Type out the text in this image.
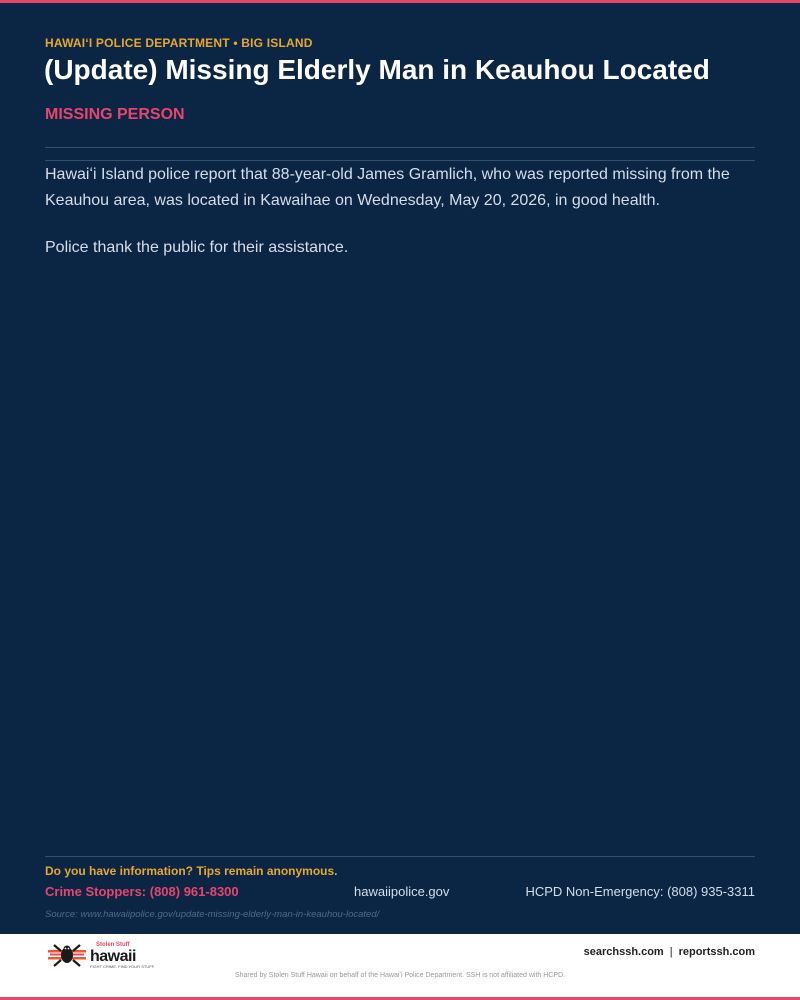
HAWAIʻI POLICE DEPARTMENT • BIG ISLAND
(Update) Missing Elderly Man in Keauhou Located
MISSING PERSON

Hawaiʻi Island police report that 88-year-old James Gramlich, who was reported missing from the Keauhou area, was located in Kawaihae on Wednesday, May 20, 2026, in good health.

Police thank the public for their assistance.

Do you have information? Tips remain anonymous.
Crime Stoppers: (808) 961-8300	hawaiipolice.gov	HCPD Non-Emergency: (808) 935-3311
Source: www.hawaiipolice.gov/update-missing-elderly-man-in-keauhou-located/
Stolen Stuff
hawaii
FIGHT CRIME. FIND YOUR STUFF.
searchssh.com | reportssh.com
Shared by Stolen Stuff Hawaii on behalf of the Hawaiʻi Police Department. SSH is not affiliated with HCPD.
